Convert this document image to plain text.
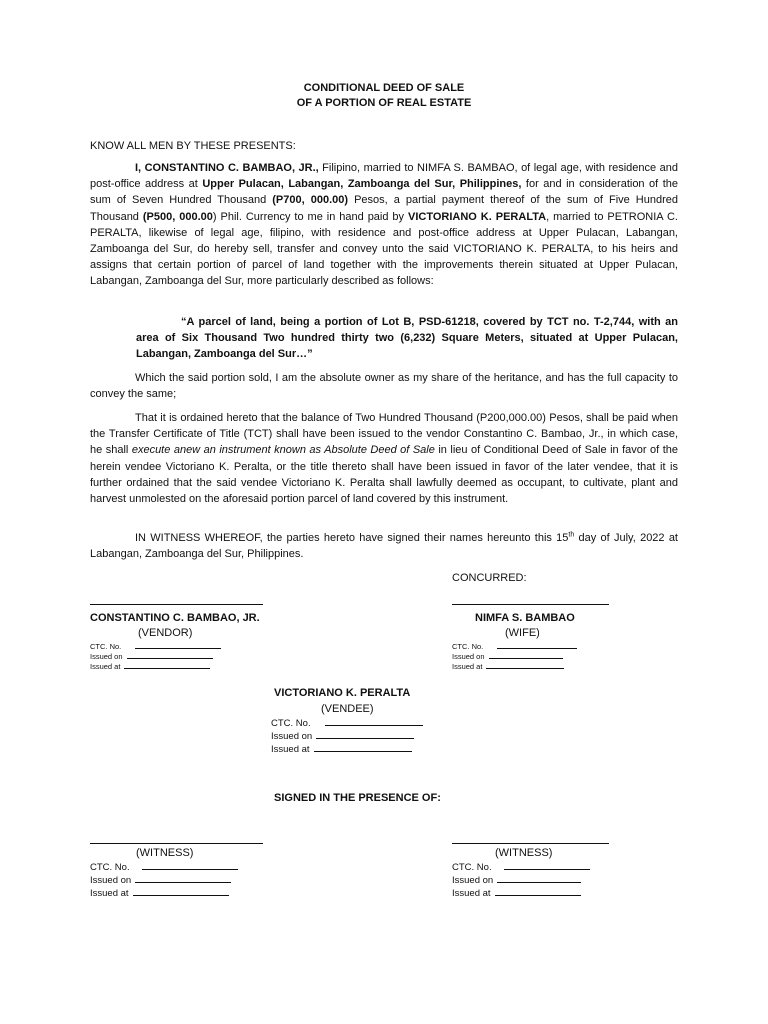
CONDITIONAL DEED OF SALE
OF A PORTION OF REAL ESTATE

KNOW ALL MEN BY THESE PRESENTS:

I, CONSTANTINO C. BAMBAO, JR., Filipino, married to NIMFA S. BAMBAO, of legal age, with residence and post-office address at Upper Pulacan, Labangan, Zamboanga del Sur, Philippines, for and in consideration of the sum of Seven Hundred Thousand (P700, 000.00) Pesos, a partial payment thereof of the sum of Five Hundred Thousand (P500, 000.00) Phil. Currency to me in hand paid by VICTORIANO K. PERALTA, married to PETRONIA C. PERALTA, likewise of legal age, filipino, with residence and post-office address at Upper Pulacan, Labangan, Zamboanga del Sur, do hereby sell, transfer and convey unto the said VICTORIANO K. PERALTA, to his heirs and assigns that certain portion of parcel of land together with the improvements therein situated at Upper Pulacan, Labangan, Zamboanga del Sur, more particularly described as follows:

“A parcel of land, being a portion of Lot B, PSD-61218, covered by TCT no. T-2,744, with an area of Six Thousand Two hundred thirty two (6,232) Square Meters, situated at Upper Pulacan, Labangan, Zamboanga del Sur…”

Which the said portion sold, I am the absolute owner as my share of the heritance, and has the full capacity to convey the same;

That it is ordained hereto that the balance of Two Hundred Thousand (P200,000.00) Pesos, shall be paid when the Transfer Certificate of Title (TCT) shall have been issued to the vendor Constantino C. Bambao, Jr., in which case, he shall execute anew an instrument known as Absolute Deed of Sale in lieu of Conditional Deed of Sale in favor of the herein vendee Victoriano K. Peralta, or the title thereto shall have been issued in favor of the later vendee, that it is further ordained that the said vendee Victoriano K. Peralta shall lawfully deemed as occupant, to cultivate, plant and harvest unmolested on the aforesaid portion parcel of land covered by this instrument.

IN WITNESS WHEREOF, the parties hereto have signed their names hereunto this 15th day of July, 2022 at Labangan, Zamboanga del Sur, Philippines.

CONCURRED:
CONSTANTINO C. BAMBAO, JR.
(VENDOR)
CTC. No.
Issued on
Issued at
NIMFA S. BAMBAO
(WIFE)
CTC. No.
Issued on
Issued at
VICTORIANO K. PERALTA
(VENDEE)
CTC. No.
Issued on
Issued at
SIGNED IN THE PRESENCE OF:
(WITNESS)
CTC. No.
Issued on
Issued at
(WITNESS)
CTC. No.
Issued on
Issued at
